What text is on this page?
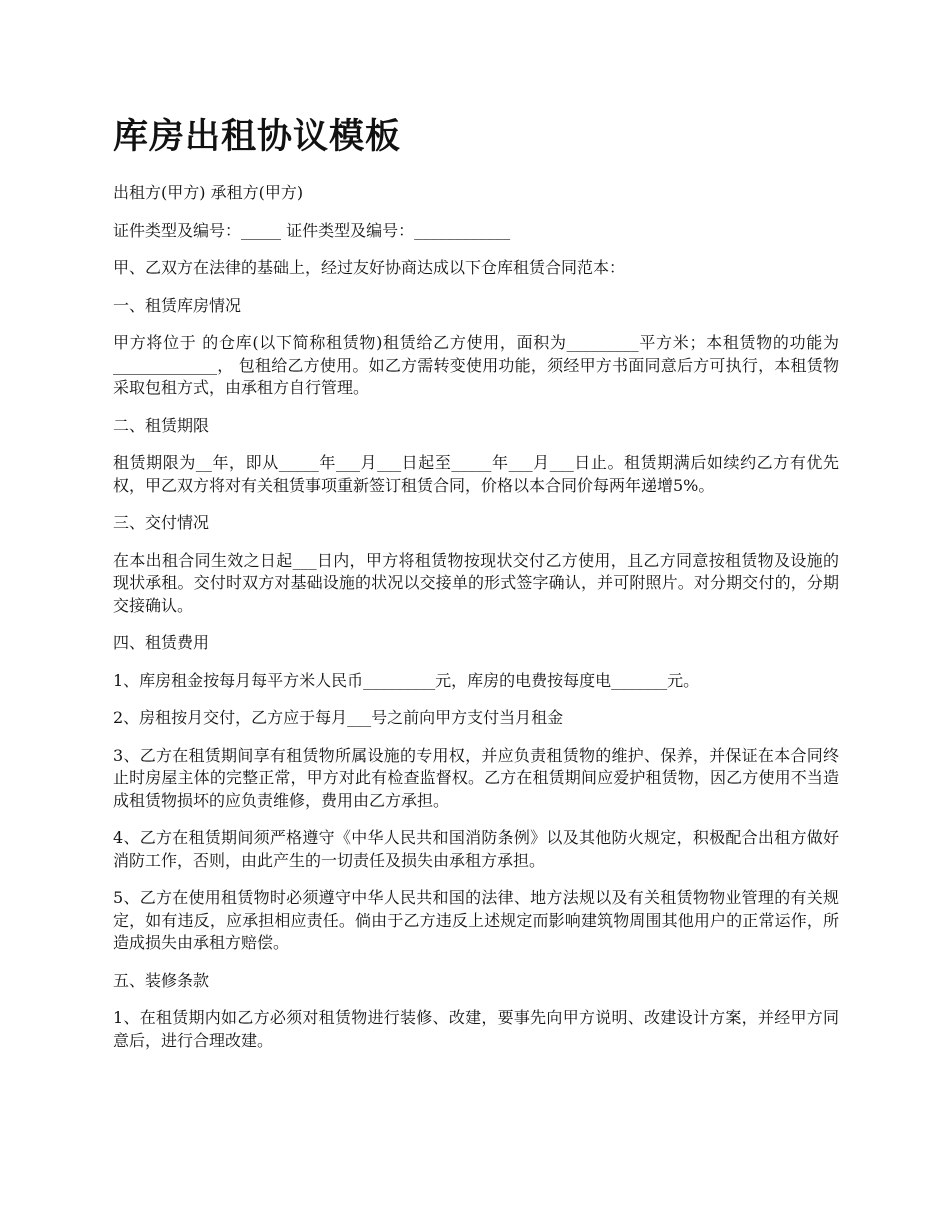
库房出租协议模板

出租方(甲方) 承租方(甲方)

证件类型及编号：_____ 证件类型及编号：____________

甲、乙双方在法律的基础上，经过友好协商达成以下仓库租赁合同范本：

一、租赁库房情况

甲方将位于 的仓库(以下简称租赁物)租赁给乙方使用，面积为_________平方米；本租赁物的功能为_____________， 包租给乙方使用。如乙方需转变使用功能，须经甲方书面同意后方可执行，本租赁物采取包租方式，由承租方自行管理。

二、租赁期限

租赁期限为__年，即从_____年___月___日起至_____年___月___日止。租赁期满后如续约乙方有优先权，甲乙双方将对有关租赁事项重新签订租赁合同，价格以本合同价每两年递增5%。

三、交付情况

在本出租合同生效之日起___日内，甲方将租赁物按现状交付乙方使用，且乙方同意按租赁物及设施的现状承租。交付时双方对基础设施的状况以交接单的形式签字确认，并可附照片。对分期交付的，分期交接确认。

四、租赁费用

1、库房租金按每月每平方米人民币_________元，库房的电费按每度电_______元。

2、房租按月交付，乙方应于每月___号之前向甲方支付当月租金

3、乙方在租赁期间享有租赁物所属设施的专用权，并应负责租赁物的维护、保养，并保证在本合同终止时房屋主体的完整正常，甲方对此有检查监督权。乙方在租赁期间应爱护租赁物，因乙方使用不当造成租赁物损坏的应负责维修，费用由乙方承担。

4、乙方在租赁期间须严格遵守《中华人民共和国消防条例》以及其他防火规定，积极配合出租方做好消防工作，否则，由此产生的一切责任及损失由承租方承担。

5、乙方在使用租赁物时必须遵守中华人民共和国的法律、地方法规以及有关租赁物物业管理的有关规定，如有违反，应承担相应责任。倘由于乙方违反上述规定而影响建筑物周围其他用户的正常运作，所造成损失由承租方赔偿。

五、装修条款

1、在租赁期内如乙方必须对租赁物进行装修、改建，要事先向甲方说明、改建设计方案，并经甲方同意后，进行合理改建。
